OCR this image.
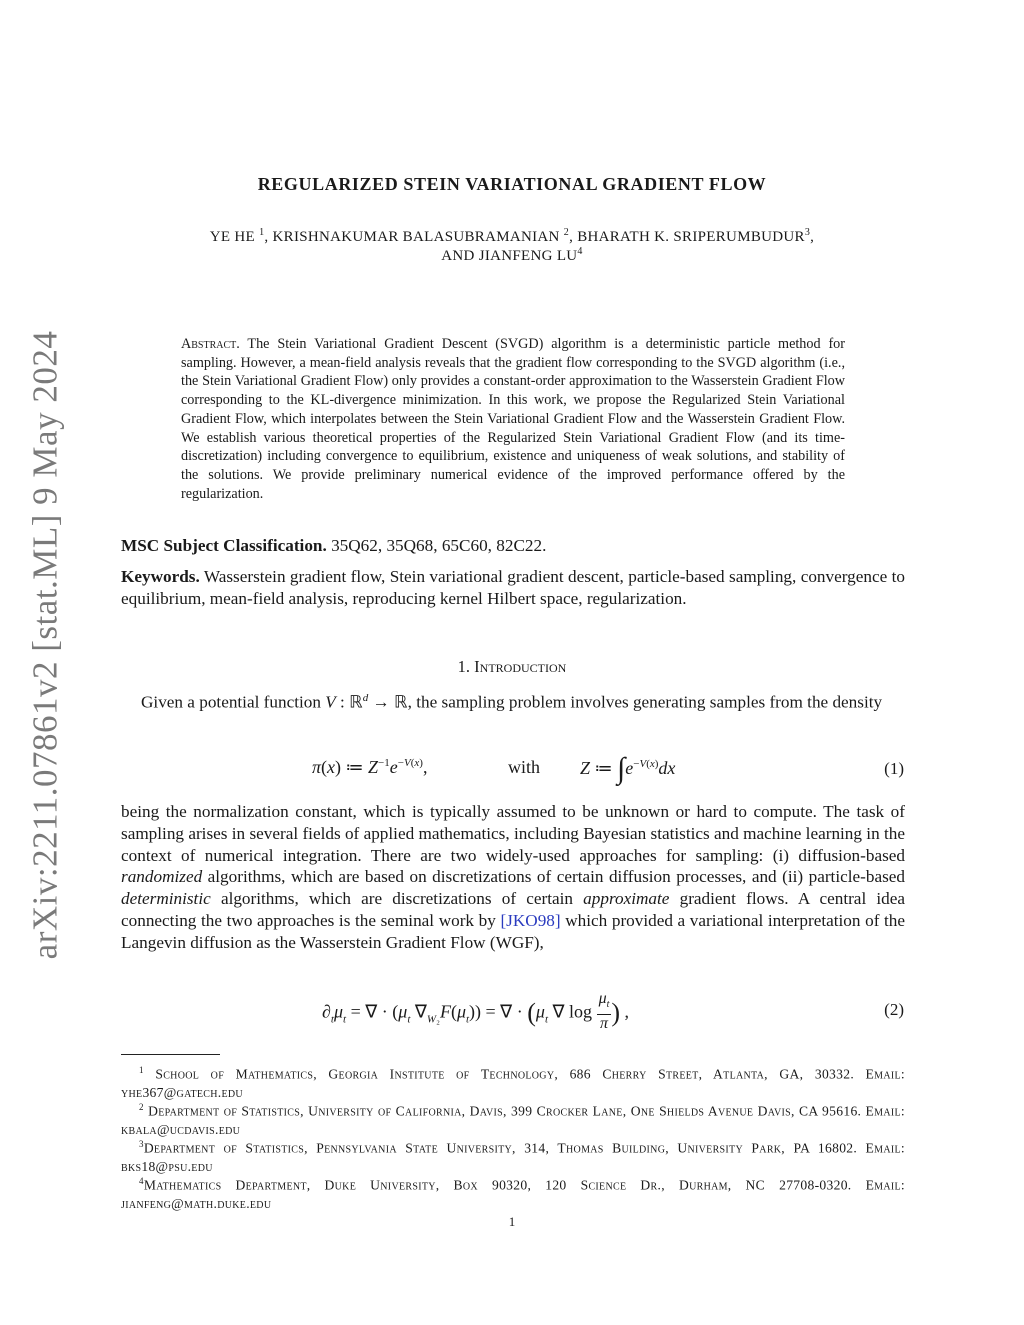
arXiv:2211.07861v2 [stat.ML] 9 May 2024
REGULARIZED STEIN VARIATIONAL GRADIENT FLOW
YE HE $^1$, KRISHNAKUMAR BALASUBRAMANIAN $^2$, BHARATH K. SRIPERUMBUDUR$^3$,
AND JIANFENG $LU^4$
Abstract. The Stein Variational Gradient Descent (SVGD) algorithm is a deterministic particle method for sampling. However, a mean-field analysis reveals that the gradient flow corresponding to the SVGD algorithm (i.e., the Stein Variational Gradient Flow) only provides a constant-order approximation to the Wasserstein Gradient Flow corresponding to the KL-divergence minimization. In this work, we propose the Regularized Stein Variational Gradient Flow, which interpolates between the Stein Variational Gradient Flow and the Wasserstein Gradient Flow. We establish various theoretical properties of the Regularized Stein Variational Gradient Flow (and its time-discretization) including convergence to equilibrium, existence and uniqueness of weak solutions, and stability of the solutions. We provide preliminary numerical evidence of the improved performance offered by the regularization.
MSC Subject Classification. 35Q62, 35Q68, 65C60, 82C22.
Keywords. Wasserstein gradient flow, Stein variational gradient descent, particle-based sampling, convergence to equilibrium, mean-field analysis, reproducing kernel Hilbert space, regularization.
1. Introduction
Given a potential function V : ℝ$^d$ → ℝ, the sampling problem involves generating samples from the density
π(x) ≔ $Z^{-1}e^{-V(x)}$,	with Z ≔ $\int e^{-V(x)}dx$	(1)
being the normalization constant, which is typically assumed to be unknown or hard to compute. The task of sampling arises in several fields of applied mathematics, including Bayesian statistics and machine learning in the context of numerical integration. There are two widely-used approaches for sampling: (i) diffusion-based randomized algorithms, which are based on discretizations of certain diffusion processes, and (ii) particle-based deterministic algorithms, which are discretizations of certain approximate gradient flows. A central idea connecting the two approaches is the seminal work by [JKO98] which provided a variational interpretation of the Langevin diffusion as the Wasserstein Gradient Flow (WGF),
$\partial_t\mu_t$ = ∇ · ($\mu_t$ $\nabla_{W_2}F(\mu_t)$) = ∇ · ($\mu_t$ ∇ $\log \frac{\mu_t}{\pi}$ ) ,	(2)
$^1$ School of Mathematics, Georgia Institute of Technology, 686 Cherry Street, Atlanta, GA, 30332. Email: yhe367@gatech.edu
$^2$ Department of Statistics, University of California, Davis, 399 Crocker Lane, One Shields Avenue Davis, CA 95616. Email: kbala@ucdavis.edu
$^3$Department of Statistics, Pennsylvania State University, 314, Thomas Building, University Park, PA 16802. Email: bks18@psu.edu
$^4$Mathematics Department, Duke University, Box 90320, 120 Science Dr., Durham, NC 27708-0320. Email: jianfeng@math.duke.edu
1
